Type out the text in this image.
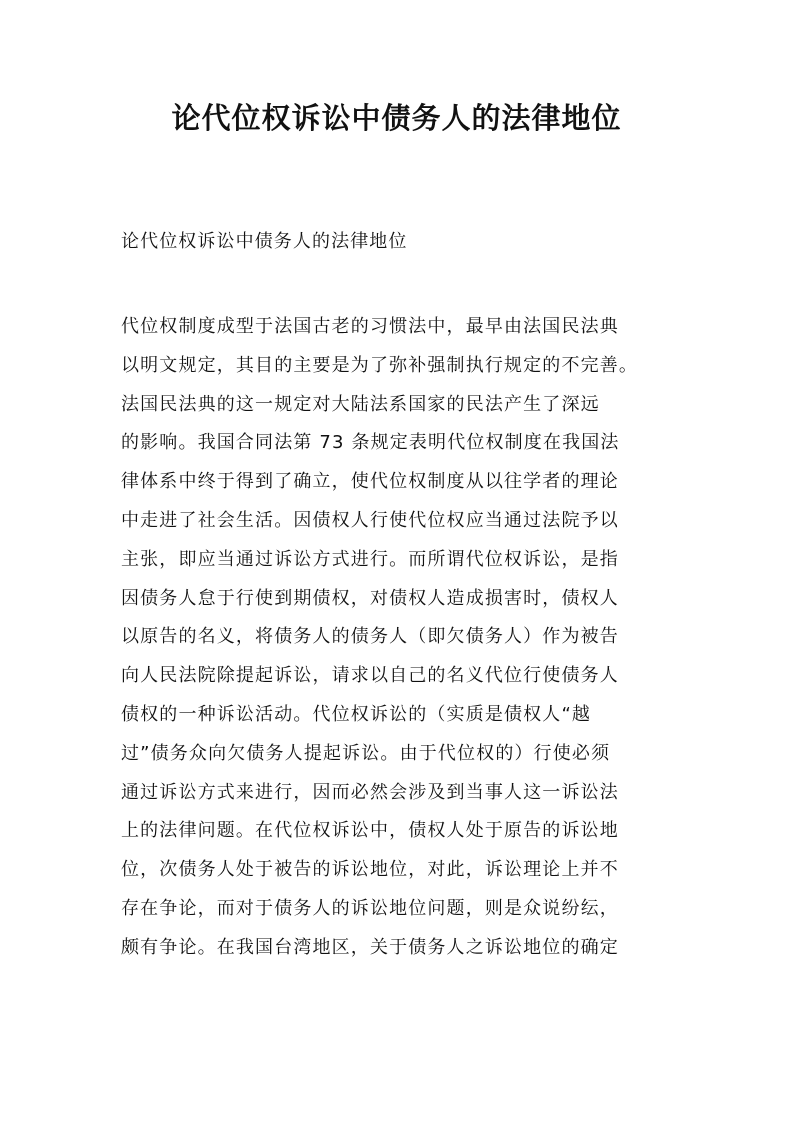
论代位权诉讼中债务人的法律地位
论代位权诉讼中债务人的法律地位
代位权制度成型于法国古老的习惯法中，最早由法国民法典
以明文规定，其目的主要是为了弥补强制执行规定的不完善。
法国民法典的这一规定对大陆法系国家的民法产生了深远
的影响。我国合同法第 73 条规定表明代位权制度在我国法
律体系中终于得到了确立，使代位权制度从以往学者的理论
中走进了社会生活。因债权人行使代位权应当通过法院予以
主张，即应当通过诉讼方式进行。而所谓代位权诉讼，是指
因债务人怠于行使到期债权，对债权人造成损害时，债权人
以原告的名义，将债务人的债务人（即欠债务人）作为被告
向人民法院除提起诉讼，请求以自己的名义代位行使债务人
债权的一种诉讼活动。代位权诉讼的（实质是债权人“越
过”债务众向欠债务人提起诉讼。由于代位权的）行使必须
通过诉讼方式来进行，因而必然会涉及到当事人这一诉讼法
上的法律问题。在代位权诉讼中，债权人处于原告的诉讼地
位，次债务人处于被告的诉讼地位，对此，诉讼理论上并不
存在争论，而对于债务人的诉讼地位问题，则是众说纷纭，
颇有争论。在我国台湾地区，关于债务人之诉讼地位的确定
